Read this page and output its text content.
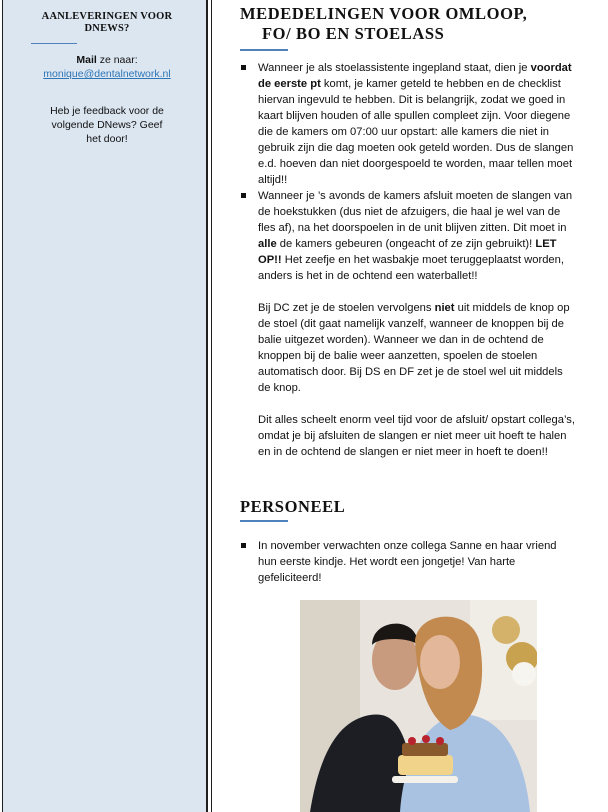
AANLEVERINGEN VOOR DNEWS?
Mail ze naar:
monique@dentalnetwork.nl
Heb je feedback voor de volgende DNews? Geef het door!
MEDEDELINGEN VOOR OMLOOP,
FO/ BO EN STOELASS
Wanneer je als stoelassistente ingepland staat, dien je voordat de eerste pt komt, je kamer geteld te hebben en de checklist hiervan ingevuld te hebben. Dit is belangrijk, zodat we goed in kaart blijven houden of alle spullen compleet zijn. Voor diegene die de kamers om 07:00 uur opstart: alle kamers die niet in gebruik zijn die dag moeten ook geteld worden. Dus de slangen e.d. hoeven dan niet doorgespoeld te worden, maar tellen moet altijd!!
Wanneer je ’s avonds de kamers afsluit moeten de slangen van de hoekstukken (dus niet de afzuigers, die haal je wel van de fles af), na het doorspoelen in de unit blijven zitten. Dit moet in alle de kamers gebeuren (ongeacht of ze zijn gebruikt)! LET OP!! Het zeefje en het wasbakje moet teruggeplaatst worden, anders is het in de ochtend een waterballet!!
Bij DC zet je de stoelen vervolgens niet uit middels de knop op de stoel (dit gaat namelijk vanzelf, wanneer de knoppen bij de balie uitgezet worden). Wanneer we dan in de ochtend de knoppen bij de balie weer aanzetten, spoelen de stoelen automatisch door. Bij DS en DF zet je de stoel wel uit middels de knop.
Dit alles scheelt enorm veel tijd voor de afsluit/ opstart collega’s, omdat je bij afsluiten de slangen er niet meer uit hoeft te halen en in de ochtend de slangen er niet meer in hoeft te doen!!
PERSONEEL
In november verwachten onze collega Sanne en haar vriend hun eerste kindje. Het wordt een jongetje! Van harte gefeliciteerd!
